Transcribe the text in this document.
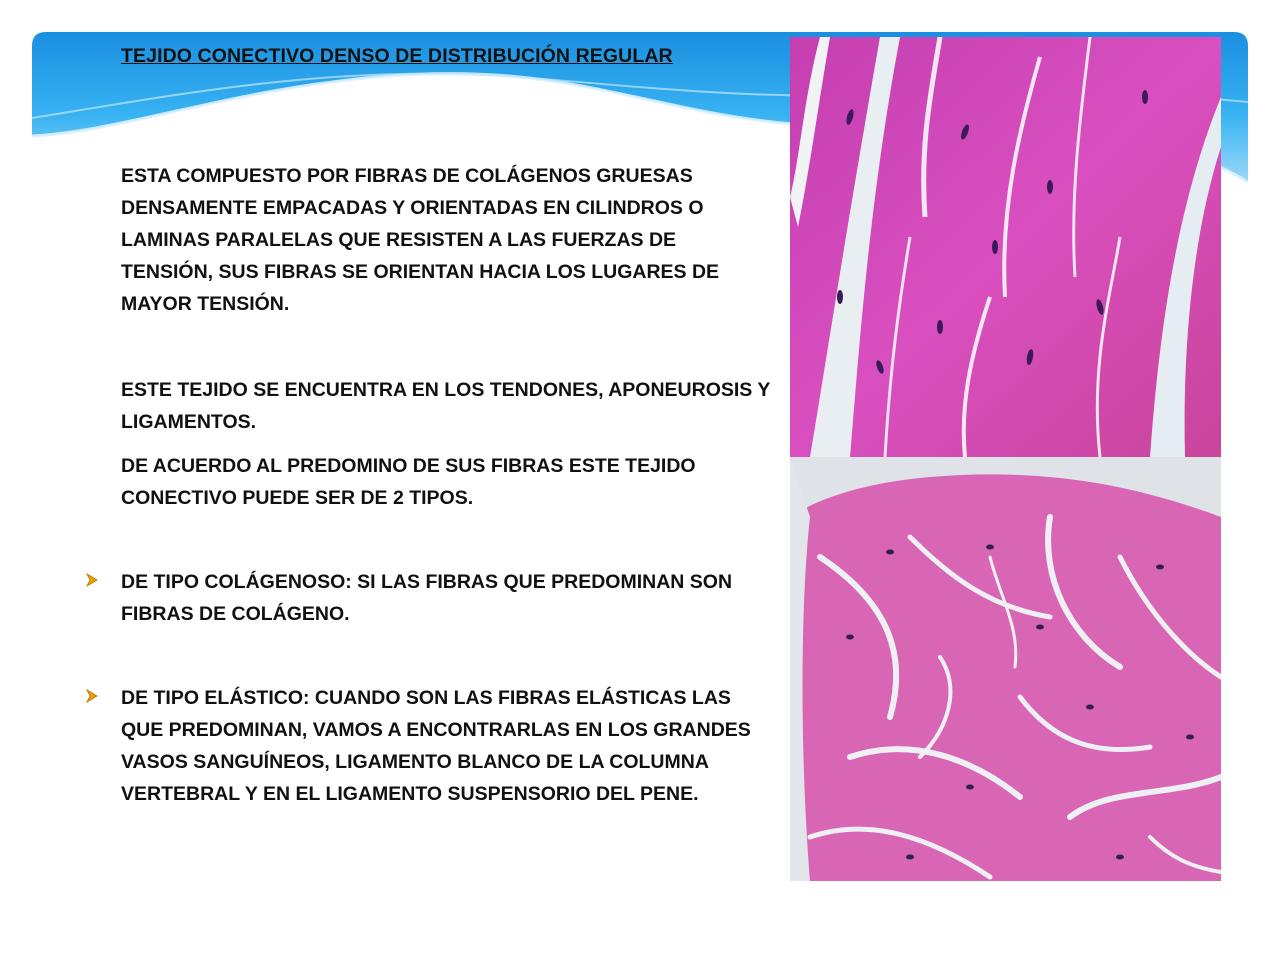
TEJIDO CONECTIVO DENSO DE DISTRIBUCIÓN REGULAR

ESTA COMPUESTO POR FIBRAS DE COLÁGENOS GRUESAS DENSAMENTE EMPACADAS Y ORIENTADAS EN CILINDROS O LAMINAS PARALELAS QUE RESISTEN A LAS FUERZAS DE TENSIÓN, SUS FIBRAS SE ORIENTAN HACIA LOS LUGARES DE MAYOR TENSIÓN.

ESTE TEJIDO SE ENCUENTRA EN LOS TENDONES, APONEUROSIS Y LIGAMENTOS.

DE ACUERDO AL PREDOMINO DE SUS FIBRAS ESTE TEJIDO CONECTIVO PUEDE SER DE 2 TIPOS.

DE TIPO COLÁGENOSO: SI LAS FIBRAS QUE PREDOMINAN SON FIBRAS DE COLÁGENO.

DE TIPO ELÁSTICO: CUANDO SON LAS FIBRAS ELÁSTICAS LAS QUE PREDOMINAN, VAMOS A ENCONTRARLAS EN LOS GRANDES VASOS SANGUÍNEOS, LIGAMENTO BLANCO DE LA COLUMNA VERTEBRAL Y EN EL LIGAMENTO SUSPENSORIO DEL PENE.
